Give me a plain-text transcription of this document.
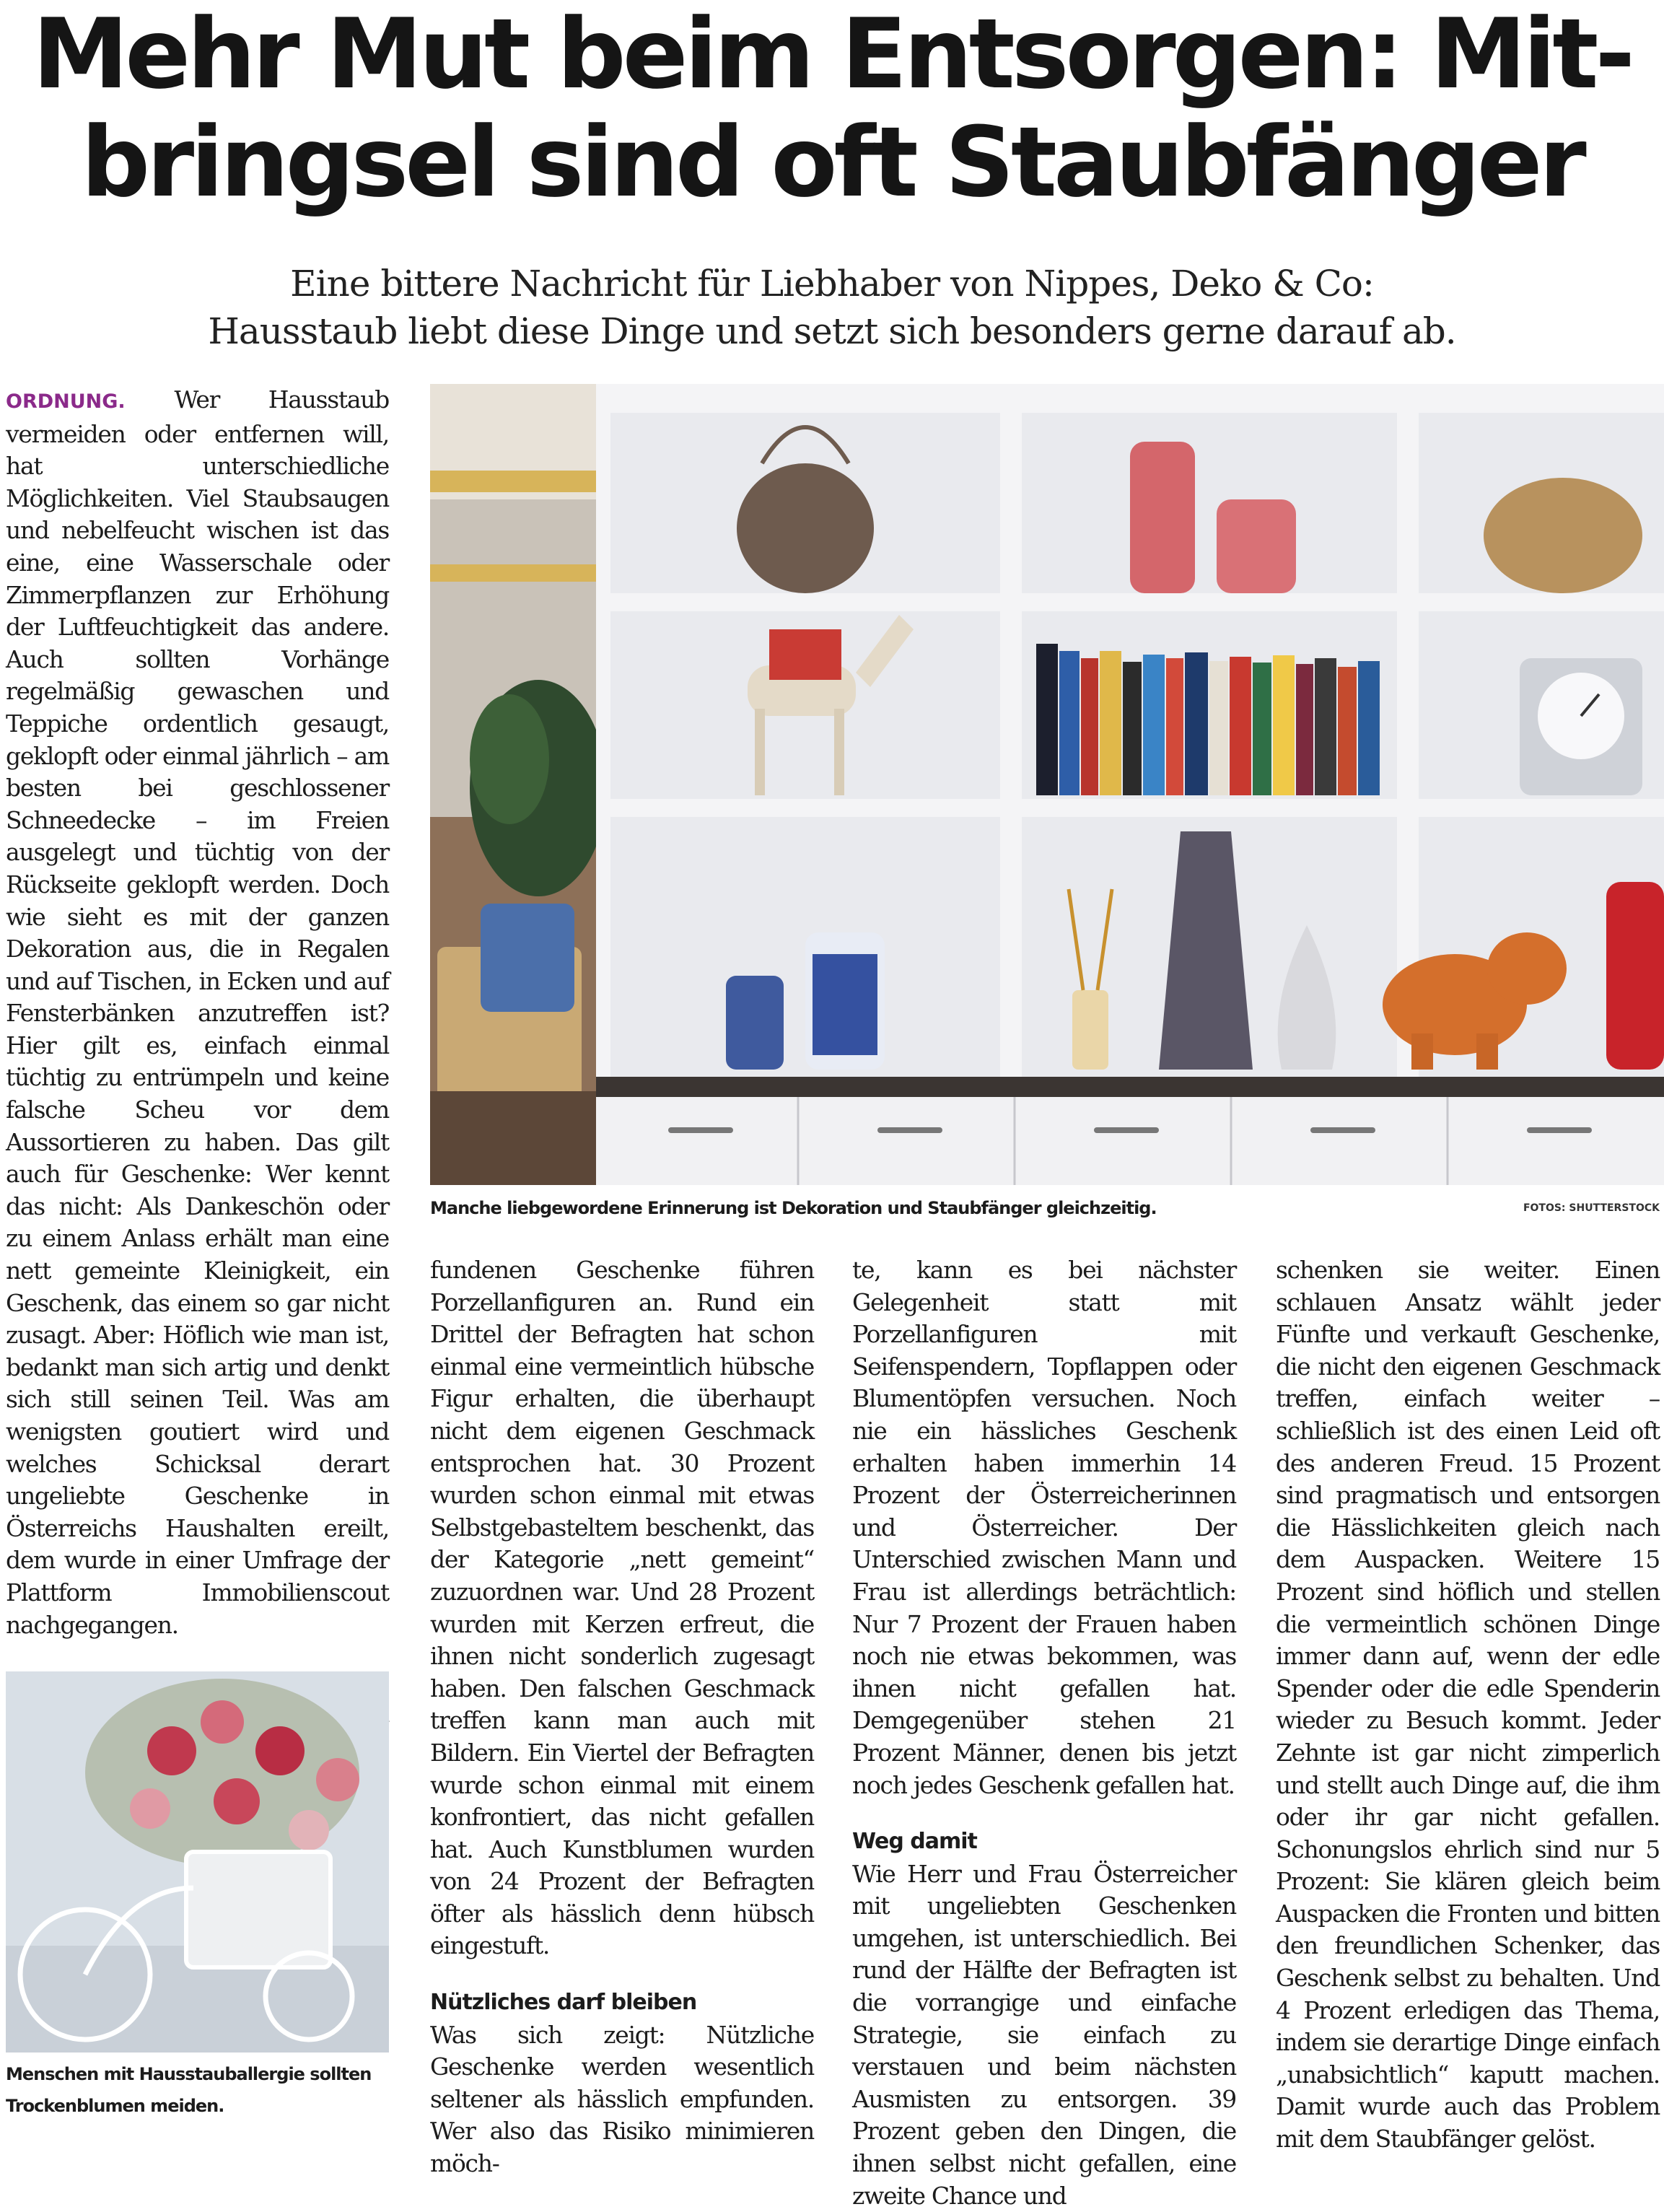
Mehr Mut beim Entsorgen: Mit-
bringsel sind oft Staubfänger
Eine bittere Nachricht für Liebhaber von Nippes, Deko & Co:
Hausstaub liebt diese Dinge und setzt sich besonders gerne darauf ab.
Manche liebgewordene Erinnerung ist Dekoration und Staubfänger gleichzeitig.	FOTOS: SHUTTERSTOCK

ORDNUNG. Wer Hausstaub vermeiden oder entfernen will, hat unterschiedliche Möglichkeiten. Viel Staubsaugen und nebelfeucht wischen ist das eine, eine Wasserschale oder Zimmerpflanzen zur Erhöhung der Luftfeuchtigkeit das andere. Auch sollten Vorhänge regelmäßig gewaschen und Teppiche ordentlich gesaugt, geklopft oder einmal jährlich – am besten bei geschlossener Schneedecke – im Freien ausgelegt und tüchtig von der Rückseite geklopft werden. Doch wie sieht es mit der ganzen Dekoration aus, die in Regalen und auf Tischen, in Ecken und auf Fensterbänken anzutreffen ist? Hier gilt es, einfach einmal tüchtig zu entrümpeln und keine falsche Scheu vor dem Aussortieren zu haben. Das gilt auch für Geschenke: Wer kennt das nicht: Als Dankeschön oder zu einem Anlass erhält man eine nett gemeinte Kleinigkeit, ein Geschenk, das einem so gar nicht zusagt. Aber: Höflich wie man ist, bedankt man sich artig und denkt sich still seinen Teil. Was am wenigsten goutiert wird und welches Schicksal derart ungeliebte Geschenke in Österreichs Haushalten ereilt, dem wurde in einer Umfrage der Plattform Immobilienscout nachgegangen.

Menschen mit Hausstauballergie sollten Trockenblumen meiden.

fundenen Geschenke führen Porzellanfiguren an. Rund ein Drittel der Befragten hat schon einmal eine vermeintlich hübsche Figur erhalten, die überhaupt nicht dem eigenen Geschmack entsprochen hat. 30 Prozent wurden schon einmal mit etwas Selbstgebasteltem beschenkt, das der Kategorie „nett gemeint“ zuzuordnen war. Und 28 Prozent wurden mit Kerzen erfreut, die ihnen nicht sonderlich zugesagt haben. Den falschen Geschmack treffen kann man auch mit Bildern. Ein Viertel der Befragten wurde schon einmal mit einem konfrontiert, das nicht gefallen hat. Auch Kunstblumen wurden von 24 Prozent der Befragten öfter als hässlich denn hübsch eingestuft.

Nützliches darf bleiben

Was sich zeigt: Nützliche Geschenke werden wesentlich seltener als hässlich empfunden. Wer also das Risiko minimieren möch-

te, kann es bei nächster Gelegenheit statt mit Porzellanfiguren mit Seifenspendern, Topflappen oder Blumentöpfen versuchen. Noch nie ein hässliches Geschenk erhalten haben immerhin 14 Prozent der Österreicherinnen und Österreicher. Der Unterschied zwischen Mann und Frau ist allerdings beträchtlich: Nur 7 Prozent der Frauen haben noch nie etwas bekommen, was ihnen nicht gefallen hat. Demgegenüber stehen 21 Prozent Männer, denen bis jetzt noch jedes Geschenk gefallen hat.

Weg damit

Wie Herr und Frau Österreicher mit ungeliebten Geschenken umgehen, ist unterschiedlich. Bei rund der Hälfte der Befragten ist die vorrangige und einfache Strategie, sie einfach zu verstauen und beim nächsten Ausmisten zu entsorgen. 39 Prozent geben den Dingen, die ihnen selbst nicht gefallen, eine zweite Chance und

schenken sie weiter. Einen schlauen Ansatz wählt jeder Fünfte und verkauft Geschenke, die nicht den eigenen Geschmack treffen, einfach weiter – schließlich ist des einen Leid oft des anderen Freud. 15 Prozent sind pragmatisch und entsorgen die Hässlichkeiten gleich nach dem Auspacken. Weitere 15 Prozent sind höflich und stellen die vermeintlich schönen Dinge immer dann auf, wenn der edle Spender oder die edle Spenderin wieder zu Besuch kommt. Jeder Zehnte ist gar nicht zimperlich und stellt auch Dinge auf, die ihm oder ihr gar nicht gefallen. Schonungslos ehrlich sind nur 5 Prozent: Sie klären gleich beim Auspacken die Fronten und bitten den freundlichen Schenker, das Geschenk selbst zu behalten. Und 4 Prozent erledigen das Thema, indem sie derartige Dinge einfach „unabsichtlich“ kaputt machen. Damit wurde auch das Problem mit dem Staubfänger gelöst.
